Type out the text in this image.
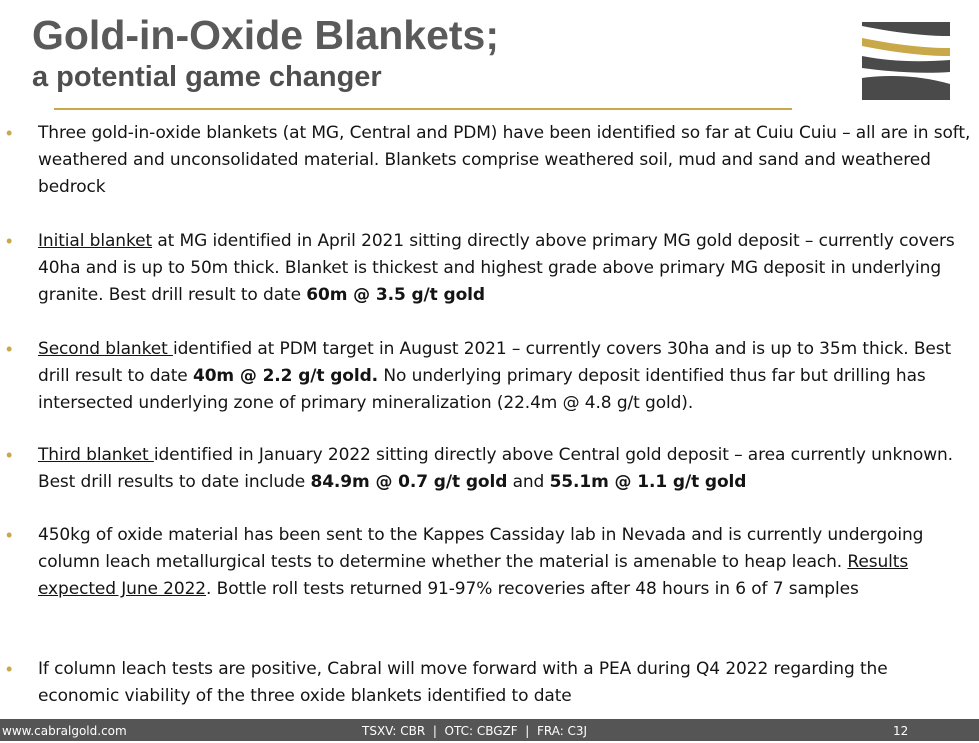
Gold-in-Oxide Blankets;
a potential game changer
• Three gold-in-oxide blankets (at MG, Central and PDM) have been identified so far at Cuiu Cuiu – all are in soft, weathered and unconsolidated material. Blankets comprise weathered soil, mud and sand and weathered bedrock
• Initial blanket at MG identified in April 2021 sitting directly above primary MG gold deposit – currently covers 40ha and is up to 50m thick. Blanket is thickest and highest grade above primary MG deposit in underlying granite. Best drill result to date 60m @ 3.5 g/t gold
• Second blanket identified at PDM target in August 2021 – currently covers 30ha and is up to 35m thick. Best drill result to date 40m @ 2.2 g/t gold. No underlying primary deposit identified thus far but drilling has intersected underlying zone of primary mineralization (22.4m @ 4.8 g/t gold).
• Third blanket identified in January 2022 sitting directly above Central gold deposit – area currently unknown. Best drill results to date include 84.9m @ 0.7 g/t gold and 55.1m @ 1.1 g/t gold
• 450kg of oxide material has been sent to the Kappes Cassiday lab in Nevada and is currently undergoing column leach metallurgical tests to determine whether the material is amenable to heap leach. Results expected June 2022. Bottle roll tests returned 91-97% recoveries after 48 hours in 6 of 7 samples
• If column leach tests are positive, Cabral will move forward with a PEA during Q4 2022 regarding the economic viability of the three oxide blankets identified to date
www.cabralgold.com	TSXV: CBR  |  OTC: CBGZF  |  FRA: C3J	12
